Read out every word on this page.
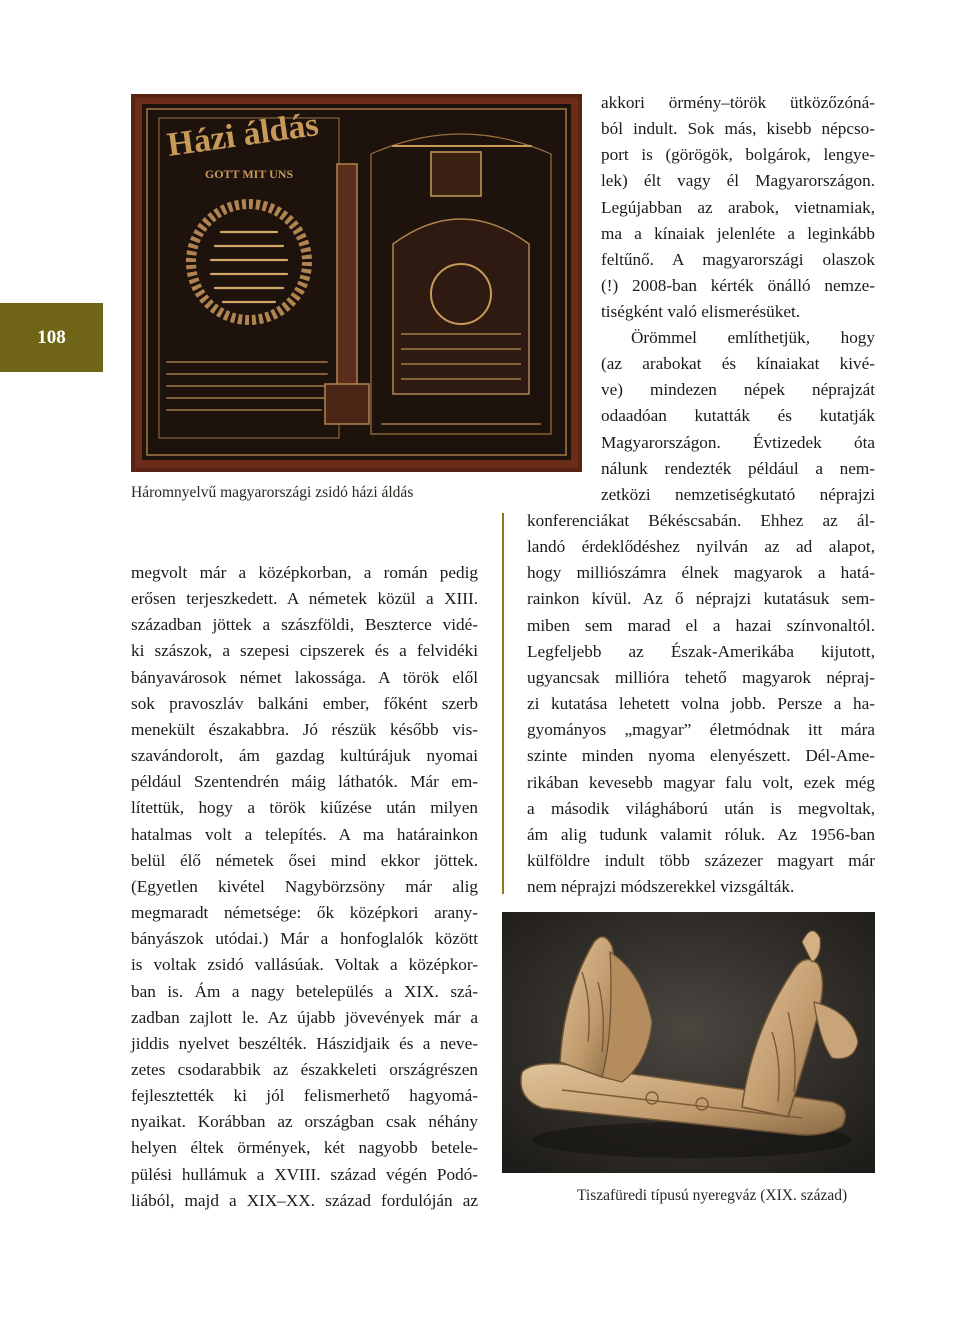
108
Házi áldás
GOTT MIT UNS
Háromnyelvű magyarországi zsidó házi áldás

megvolt már a középkorban, a román pedig
erősen terjeszkedett. A németek közül a XIII.
században jöttek a szászföldi, Beszterce vidé-
ki szászok, a szepesi cipszerek és a felvidéki
bányavárosok német lakossága. A török elől
sok pravoszláv balkáni ember, főként szerb
menekült északabbra. Jó részük később vis-
szavándorolt, ám gazdag kultúrájuk nyomai
például Szentendrén máig láthatók. Már em-
lítettük, hogy a török kiűzése után milyen
hatalmas volt a telepítés. A ma határainkon
belül élő németek ősei mind ekkor jöttek.
(Egyetlen kivétel Nagybörzsöny már alig
megmaradt németsége: ők középkori arany-
bányászok utódai.) Már a honfoglalók között
is voltak zsidó vallásúak. Voltak a középkor-
ban is. Ám a nagy betelepülés a XIX. szá-
zadban zajlott le. Az újabb jövevények már a
jiddis nyelvet beszélték. Hászidjaik és a neve-
zetes csodarabbik az északkeleti országrészen
fejlesztették ki jól felismerhető hagyomá-
nyaikat. Korábban az országban csak néhány
helyen éltek örmények, két nagyobb betele-
pülési hullámuk a XVIII. század végén Podó-
liából, majd a XIX–XX. század fordulóján az

akkori örmény–török ütközőzóná-
ból indult. Sok más, kisebb népcso-
port is (görögök, bolgárok, lengye-
lek) élt vagy él Magyarországon.
Legújabban az arabok, vietnamiak,
ma a kínaiak jelenléte a leginkább
feltűnő. A magyarországi olaszok
(!) 2008-ban kérték önálló nemze-
tiségként való elismerésüket.

Örömmel említhetjük, hogy
(az arabokat és kínaiakat kivé-
ve) mindezen népek néprajzát
odaadóan kutatták és kutatják
Magyarországon. Évtizedek óta
nálunk rendezték például a nem-
zetközi nemzetiségkutató néprajzi

konferenciákat Békéscsabán. Ehhez az ál-
landó érdeklődéshez nyilván az ad alapot,
hogy milliószámra élnek magyarok a hatá-
rainkon kívül. Az ő néprajzi kutatásuk sem-
miben sem marad el a hazai színvonaltól.
Legfeljebb az Észak-Amerikába kijutott,
ugyancsak millióra tehető magyarok népraj-
zi kutatása lehetett volna jobb. Persze a ha-
gyományos „magyar” életmódnak itt mára
szinte minden nyoma elenyészett. Dél-Ame-
rikában kevesebb magyar falu volt, ezek még
a második világháború után is megvoltak,
ám alig tudunk valamit róluk. Az 1956-ban
külföldre indult több százezer magyart már
nem néprajzi módszerekkel vizsgálták.

Tiszafüredi típusú nyeregváz (XIX. század)
